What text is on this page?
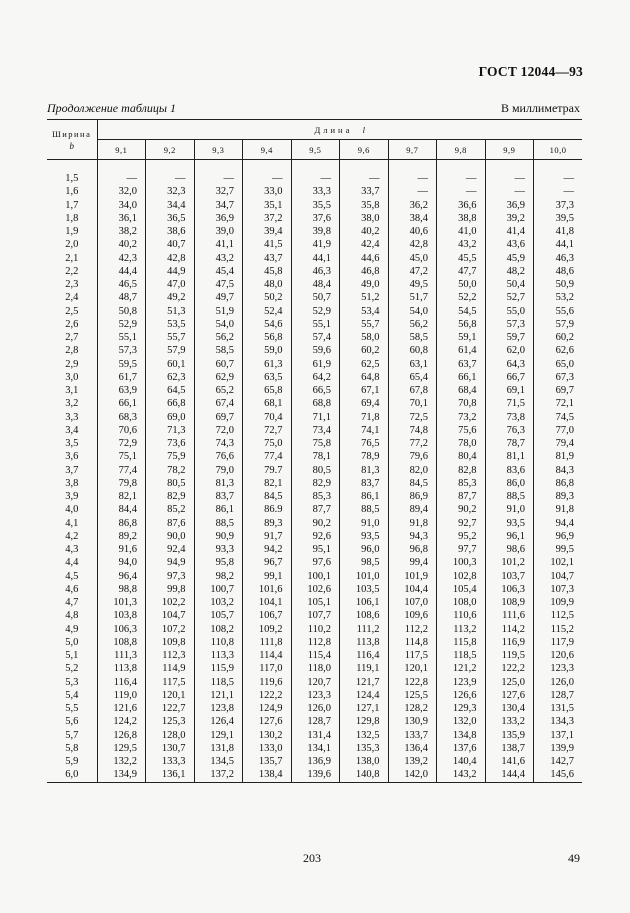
ГОСТ 12044—93
Продолжение таблицы 1	В миллиметрах
Ширина
b	Длина l									
	9,1	9,2	9,3	9,4	9,5	9,6	9,7	9,8	9,9	10,0

1,5	—	—	—	—	—	—	—	—	—	—
1,6	32,0	32,3	32,7	33,0	33,3	33,7	—	—	—	—
1,7	34,0	34,4	34,7	35,1	35,5	35,8	36,2	36,6	36,9	37,3
1,8	36,1	36,5	36,9	37,2	37,6	38,0	38,4	38,8	39,2	39,5
1,9	38,2	38,6	39,0	39,4	39,8	40,2	40,6	41,0	41,4	41,8
2,0	40,2	40,7	41,1	41,5	41,9	42,4	42,8	43,2	43,6	44,1
2,1	42,3	42,8	43,2	43,7	44,1	44,6	45,0	45,5	45,9	46,3
2,2	44,4	44,9	45,4	45,8	46,3	46,8	47,2	47,7	48,2	48,6
2,3	46,5	47,0	47,5	48,0	48,4	49,0	49,5	50,0	50,4	50,9
2,4	48,7	49,2	49,7	50,2	50,7	51,2	51,7	52,2	52,7	53,2
2,5	50,8	51,3	51,9	52,4	52,9	53,4	54,0	54,5	55,0	55,6
2,6	52,9	53,5	54,0	54,6	55,1	55,7	56,2	56,8	57,3	57,9
2,7	55,1	55,7	56,2	56,8	57,4	58,0	58,5	59,1	59,7	60,2
2,8	57,3	57,9	58,5	59,0	59,6	60,2	60,8	61,4	62,0	62,6
2,9	59,5	60,1	60,7	61,3	61,9	62,5	63,1	63,7	64,3	65,0
3,0	61,7	62,3	62,9	63,5	64,2	64,8	65,4	66,1	66,7	67,3
3,1	63,9	64,5	65,2	65,8	66,5	67,1	67,8	68,4	69,1	69,7
3,2	66,1	66,8	67,4	68,1	68,8	69,4	70,1	70,8	71,5	72,1
3,3	68,3	69,0	69,7	70,4	71,1	71,8	72,5	73,2	73,8	74,5
3,4	70,6	71,3	72,0	72,7	73,4	74,1	74,8	75,6	76,3	77,0
3,5	72,9	73,6	74,3	75,0	75,8	76,5	77,2	78,0	78,7	79,4
3,6	75,1	75,9	76,6	77,4	78,1	78,9	79,6	80,4	81,1	81,9
3,7	77,4	78,2	79,0	79.7	80,5	81,3	82,0	82,8	83,6	84,3
3,8	79,8	80,5	81,3	82,1	82,9	83,7	84,5	85,3	86,0	86,8
3,9	82,1	82,9	83,7	84,5	85,3	86,1	86,9	87,7	88,5	89,3
4,0	84,4	85,2	86,1	86.9	87,7	88,5	89,4	90,2	91,0	91,8
4,1	86,8	87,6	88,5	89,3	90,2	91,0	91,8	92,7	93,5	94,4
4,2	89,2	90,0	90,9	91,7	92,6	93,5	94,3	95,2	96,1	96,9
4,3	91,6	92,4	93,3	94,2	95,1	96,0	96,8	97,7	98,6	99,5
4,4	94,0	94,9	95,8	96,7	97,6	98,5	99,4	100,3	101,2	102,1
4,5	96,4	97,3	98,2	99,1	100,1	101,0	101,9	102,8	103,7	104,7
4,6	98,8	99,8	100,7	101,6	102,6	103,5	104,4	105,4	106,3	107,3
4,7	101,3	102,2	103,2	104,1	105,1	106,1	107,0	108,0	108,9	109,9
4,8	103,8	104,7	105,7	106,7	107,7	108,6	109,6	110,6	111,6	112,5
4,9	106,3	107,2	108,2	109,2	110,2	111,2	112,2	113,2	114,2	115,2
5,0	108,8	109,8	110,8	111,8	112,8	113,8	114,8	115,8	116,9	117,9
5,1	111,3	112,3	113,3	114,4	115,4	116,4	117,5	118,5	119,5	120,6
5,2	113,8	114,9	115,9	117,0	118,0	119,1	120,1	121,2	122,2	123,3
5,3	116,4	117,5	118,5	119,6	120,7	121,7	122,8	123,9	125,0	126,0
5,4	119,0	120,1	121,1	122,2	123,3	124,4	125,5	126,6	127,6	128,7
5,5	121,6	122,7	123,8	124,9	126,0	127,1	128,2	129,3	130,4	131,5
5,6	124,2	125,3	126,4	127,6	128,7	129,8	130,9	132,0	133,2	134,3
5,7	126,8	128,0	129,1	130,2	131,4	132,5	133,7	134,8	135,9	137,1
5,8	129,5	130,7	131,8	133,0	134,1	135,3	136,4	137,6	138,7	139,9
5,9	132,2	133,3	134,5	135,7	136,9	138,0	139,2	140,4	141,6	142,7
6,0	134,9	136,1	137,2	138,4	139,6	140,8	142,0	143,2	144,4	145,6
203	49
